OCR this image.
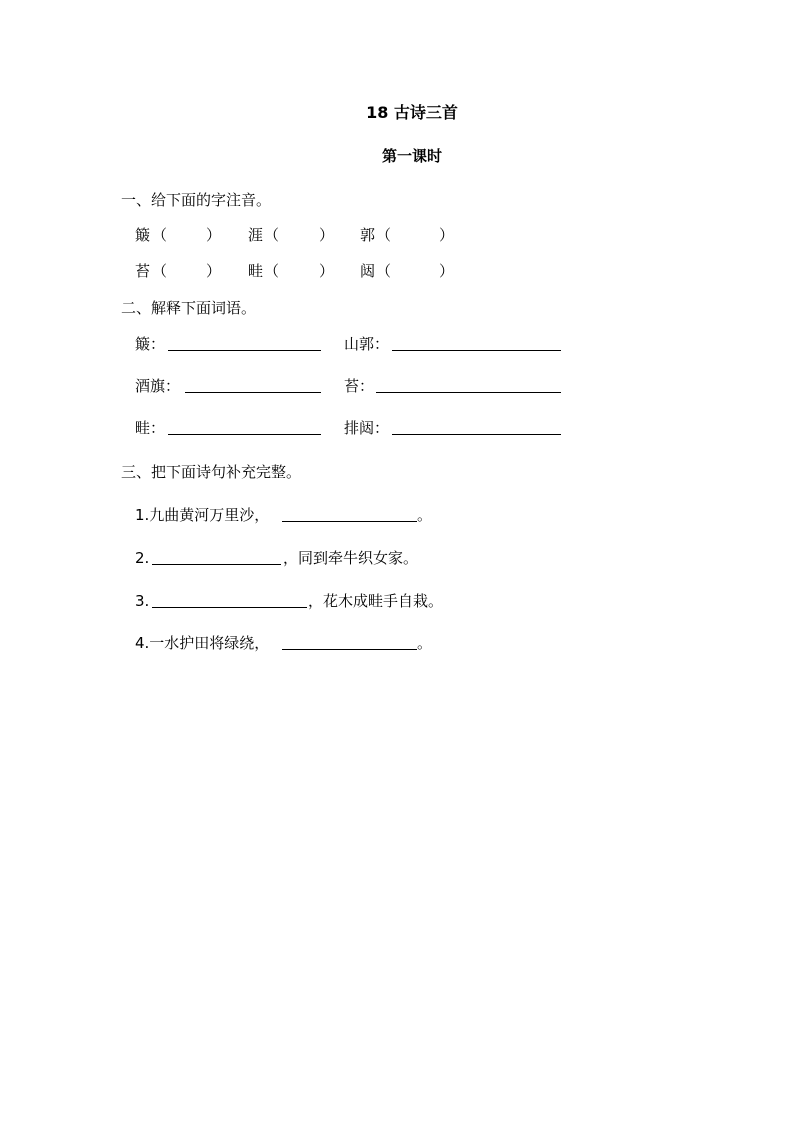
18 古诗三首
第一课时
一、给下面的字注音。
簸 （	） 涯 （	） 郭 （	）
苔 （	） 畦 （	） 闼 （	）
二、解释下面词语。
簸：	山郭：
酒旗：	苔：
畦：	排闼：
三、把下面诗句补充完整。
1.九曲黄河万里沙，	。
2.	，同到牵牛织女家。
3.	，花木成畦手自栽。
4.一水护田将绿绕，	。
